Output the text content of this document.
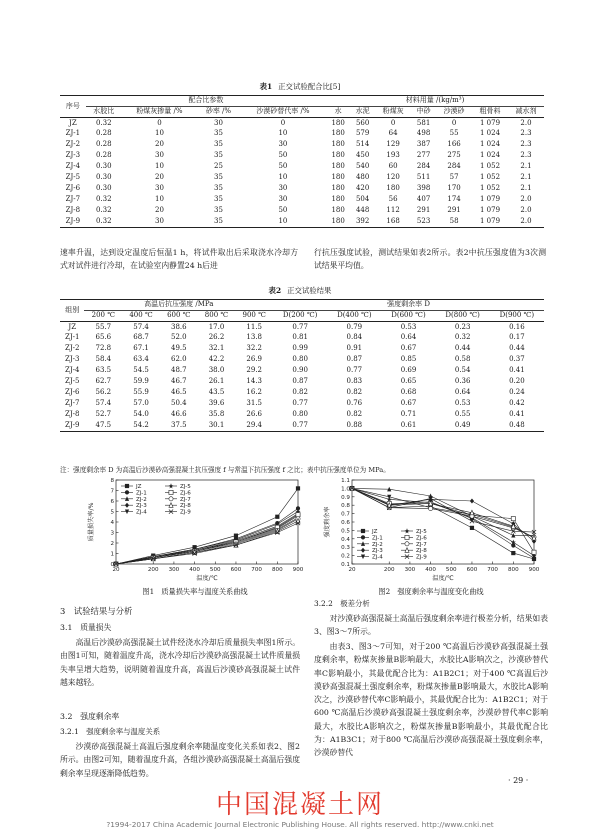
表1 正交试验配合比[5]
序号	配合比参数				材料用量 /(kg/m³)						
	水胶比	粉煤灰掺量 /%	砂率 /%	沙漠砂替代率 /%	水	水泥	粉煤灰	中砂	沙漠砂	粗骨料	减水剂
JZ	0.32	0	30	0	180	560	0	581	0	1 079	2.0
ZJ-1	0.28	10	35	10	180	579	64	498	55	1 024	2.3
ZJ-2	0.28	20	35	30	180	514	129	387	166	1 024	2.3
ZJ-3	0.28	30	35	50	180	450	193	277	275	1 024	2.3
ZJ-4	0.30	10	25	50	180	540	60	284	284	1 052	2.1
ZJ-5	0.30	20	35	10	180	480	120	511	57	1 052	2.1
ZJ-6	0.30	30	35	30	180	420	180	398	170	1 052	2.1
ZJ-7	0.32	10	35	30	180	504	56	407	174	1 079	2.0
ZJ-8	0.32	20	35	50	180	448	112	291	291	1 079	2.0
ZJ-9	0.32	30	35	10	180	392	168	523	58	1 079	2.0
速率升温，达到设定温度后恒温1 h，将试件取出后采取浇水冷却方式对试件进行冷却，在试验室内静置24 h后进
行抗压强度试验，测试结果如表2所示。表2中抗压强度值为3次测试结果平均值。
表2 正交试验结果
组别	高温后抗压强度 /MPa					强度剩余率 D				
	200 ℃	400 ℃	600 ℃	800 ℃	900 ℃	D(200 ℃)	D(400 ℃)	D(600 ℃)	D(800 ℃)	D(900 ℃)
JZ	55.7	57.4	38.6	17.0	11.5	0.77	0.79	0.53	0.23	0.16
ZJ-1	65.6	68.7	52.0	26.2	13.8	0.81	0.84	0.64	0.32	0.17
ZJ-2	72.8	67.1	49.5	32.1	32.2	0.99	0.91	0.67	0.44	0.44
ZJ-3	58.4	63.4	62.0	42.2	26.9	0.80	0.87	0.85	0.58	0.37
ZJ-4	63.5	54.5	48.7	38.0	29.2	0.90	0.77	0.69	0.54	0.41
ZJ-5	62.7	59.9	46.7	26.1	14.3	0.87	0.83	0.65	0.36	0.20
ZJ-6	56.2	55.9	46.5	43.5	16.2	0.82	0.82	0.68	0.64	0.24
ZJ-7	57.4	57.0	50.4	39.6	31.5	0.77	0.76	0.67	0.53	0.42
ZJ-8	52.7	54.0	46.6	35.8	26.6	0.80	0.82	0.71	0.55	0.41
ZJ-9	47.5	54.2	37.5	30.1	29.4	0.77	0.88	0.61	0.49	0.48
注：强度剩余率 D 为高温后沙漠砂高强混凝土抗压强度 f 与常温下抗压强度 f 之比；表中抗压强度单位为 MPa。
0
1
2
3
4
5
6
7
8
20	200 300 400 500 600 700 800 900
温度/℃
质量损失率/%
JZ
ZJ-1
ZJ-2
ZJ-3
ZJ-4
ZJ-5
ZJ-6
ZJ-7
ZJ-8
ZJ-9
图1　质量损失率与温度关系曲线
0.1
0.2
0.3
0.4
0.5
0.6
0.7
0.8
0.9
1.0
1.1
20	200 300 400 500 600 700 800 900
温度/℃
强度剩余率	JZ
ZJ-1
ZJ-2
ZJ-3
ZJ-4
ZJ-5
ZJ-6
ZJ-7
ZJ-8
ZJ-9
图2　强度剩余率与温度变化曲线
3　试验结果与分析
3.1　质量损失
高温后沙漠砂高强混凝土试件经浇水冷却后质量损失率图1所示。由图1可知，随着温度升高，浇水冷却后沙漠砂高强混凝土试件质量损失率呈增大趋势，说明随着温度升高，高温后沙漠砂高强混凝土试件越来越轻。
3.2　强度剩余率
3.2.1　强度剩余率与温度关系
沙漠砂高强混凝土高温后强度剩余率随温度变化关系如表2、图2所示。由图2可知，随着温度升高，各组沙漠砂高强混凝土高温后强度剩余率呈现逐渐降低趋势。
3.2.2　极差分析
对沙漠砂高强混凝土高温后强度剩余率进行极差分析，结果如表3、图3～7所示。
由表3、图3～7可知，对于200 ℃高温后沙漠砂高强混凝土强度剩余率，粉煤灰掺量B影响最大，水胶比A影响次之，沙漠砂替代率C影响最小，其最优配合比为：A1B2C1；对于400 ℃高温后沙漠砂高强混凝土强度剩余率，粉煤灰掺量B影响最大，水胶比A影响次之，沙漠砂替代率C影响最小，其最优配合比为：A1B2C1；对于600 ℃高温后沙漠砂高强混凝土强度剩余率，沙漠砂替代率C影响最大，水胶比A影响次之，粉煤灰掺量B影响最小，其最优配合比为：A1B3C1；对于800 ℃高温后沙漠砂高强混凝土强度剩余率，沙漠砂替代
· 29 ·
中国混凝土网
?1994-2017 China Academic Journal Electronic Publishing House. All rights reserved. http://www.cnki.net
